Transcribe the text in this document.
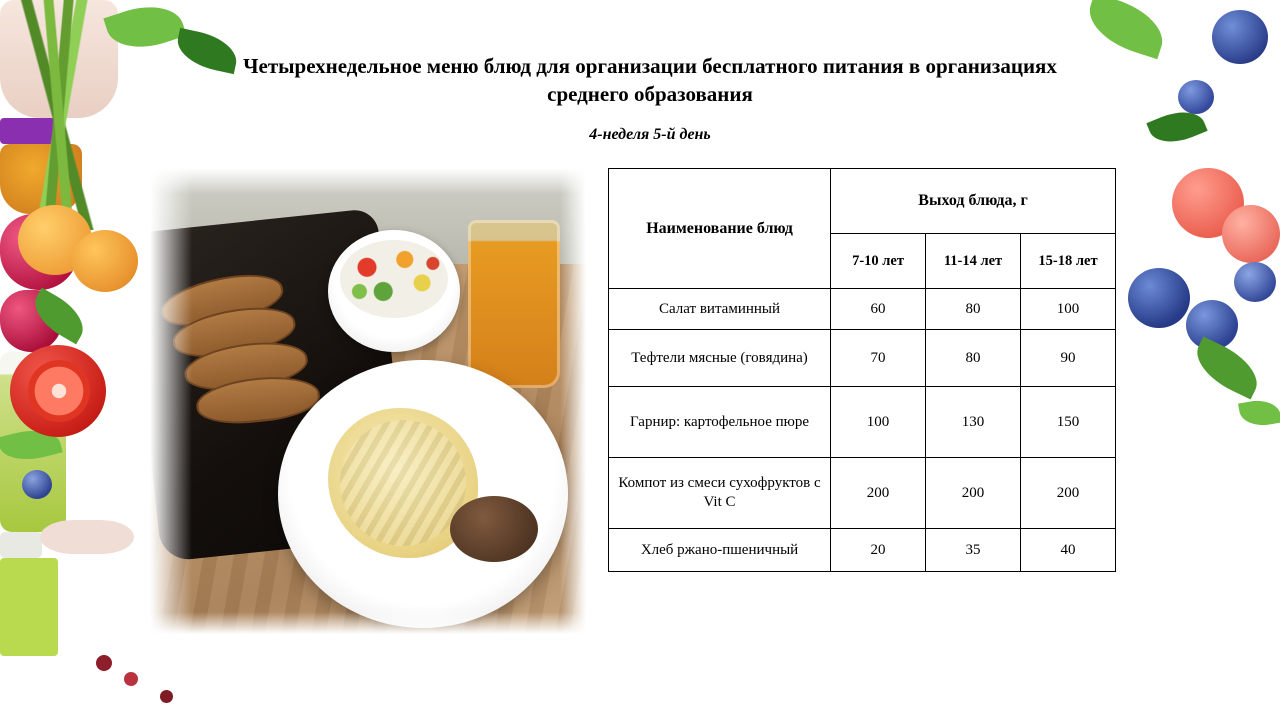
Четырехнедельное меню блюд для организации бесплатного питания в организациях среднего образования
4-неделя 5-й день
Наименование блюд	Выход блюда, г		
	7-10 лет	11-14 лет	15-18 лет
Салат витаминный	60	80	100
Тефтели мясные (говядина)	70	80	90
Гарнир: картофельное пюре	100	130	150
Компот из смеси сухофруктов с Vit C	200	200	200
Хлеб ржано-пшеничный	20	35	40
